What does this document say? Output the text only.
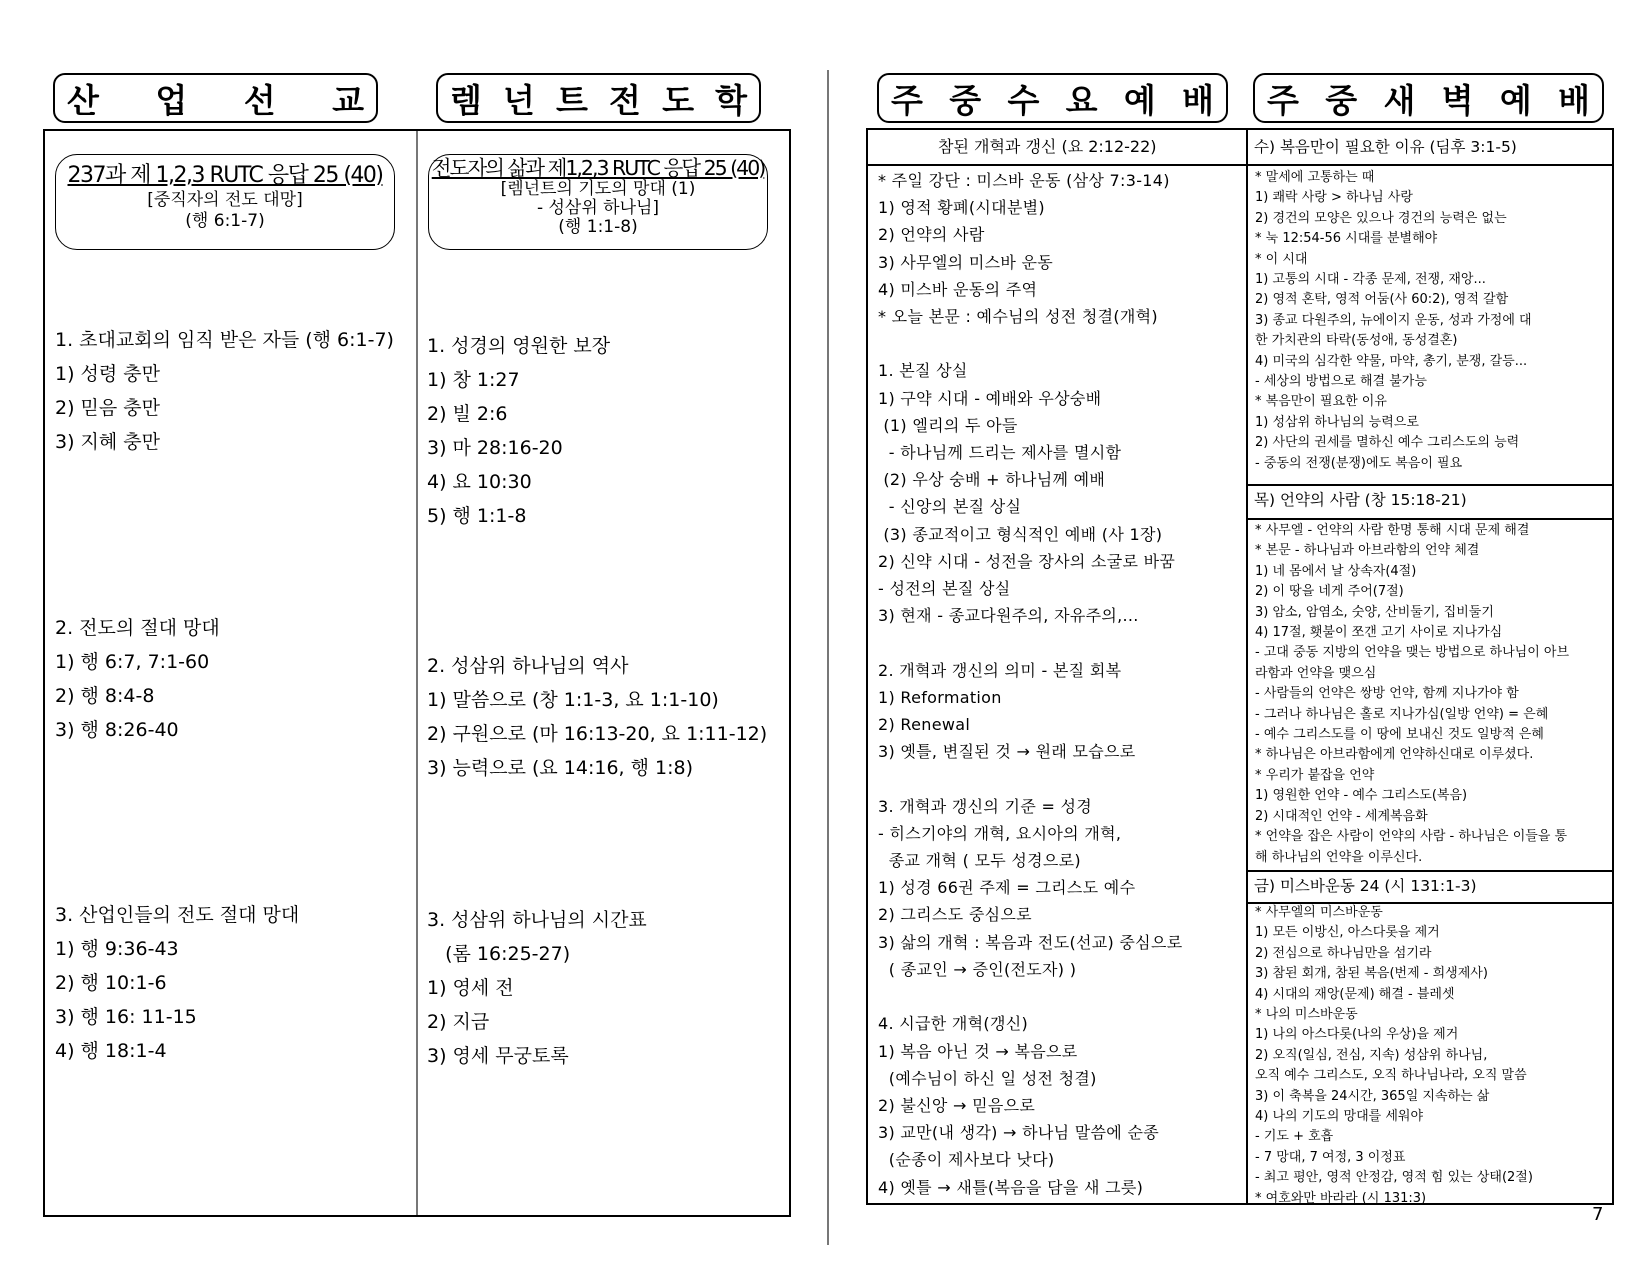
산 업 선 교	렘 넌 트 전 도 학
237과 제 1,2,3 RUTC 응답 25 (40)
[중직자의 전도 대망]
(행 6:1-7)
1. 초대교회의 임직 받은 자들 (행 6:1-7)
1) 성령 충만
2) 믿음 충만
3) 지혜 충만
2. 전도의 절대 망대
1) 행 6:7, 7:1-60
2) 행 8:4-8
3) 행 8:26-40
3. 산업인들의 전도 절대 망대
1) 행 9:36-43
2) 행 10:1-6
3) 행 16: 11-15
4) 행 18:1-4
전도자의 삶과 제1,2,3 RUTC 응답 25 (40)
[렘넌트의 기도의 망대 (1)
- 성삼위 하나님]
(행 1:1-8)
1. 성경의 영원한 보장
1) 창 1:27
2) 빌 2:6
3) 마 28:16-20
4) 요 10:30
5) 행 1:1-8
2. 성삼위 하나님의 역사
1) 말씀으로 (창 1:1-3, 요 1:1-10)
2) 구원으로 (마 16:13-20, 요 1:11-12)
3) 능력으로 (요 14:16, 행 1:8)
3. 성삼위 하나님의 시간표
(롬 16:25-27)
1) 영세 전
2) 지금
3) 영세 무궁토록
주 중 수 요 예 배 주 중 새 벽 예 배
참된 개혁과 갱신 (요 2:12-22)
* 주일 강단 : 미스바 운동 (삼상 7:3-14)
1) 영적 황폐(시대분별)
2) 언약의 사람
3) 사무엘의 미스바 운동
4) 미스바 운동의 주역
* 오늘 본문 : 예수님의 성전 청결(개혁)

1. 본질 상실
1) 구약 시대 - 예배와 우상숭배
(1) 엘리의 두 아들
- 하나님께 드리는 제사를 멸시함
(2) 우상 숭배 + 하나님께 예배
- 신앙의 본질 상실
(3) 종교적이고 형식적인 예배 (사 1장)
2) 신약 시대 - 성전을 장사의 소굴로 바꿈
- 성전의 본질 상실
3) 현재 - 종교다원주의, 자유주의,...

2. 개혁과 갱신의 의미 - 본질 회복
1) Reformation
2) Renewal
3) 옛틀, 변질된 것 → 원래 모습으로

3. 개혁과 갱신의 기준 = 성경
- 히스기야의 개혁, 요시아의 개혁,
종교 개혁 ( 모두 성경으로)
1) 성경 66권 주제 = 그리스도 예수
2) 그리스도 중심으로
3) 삶의 개혁 : 복음과 전도(선교) 중심으로
( 종교인 → 증인(전도자) )

4. 시급한 개혁(갱신)
1) 복음 아닌 것 → 복음으로
(예수님이 하신 일 성전 청결)
2) 불신앙 → 믿음으로
3) 교만(내 생각) → 하나님 말씀에 순종
(순종이 제사보다 낫다)
4) 옛틀 → 새틀(복음을 담을 새 그릇)
수) 복음만이 필요한 이유 (딤후 3:1-5)
* 말세에 고통하는 때
1) 쾌락 사랑 > 하나님 사랑
2) 경건의 모양은 있으나 경건의 능력은 없는
* 눅 12:54-56 시대를 분별해야
* 이 시대
1) 고통의 시대 - 각종 문제, 전쟁, 재앙...
2) 영적 혼탁, 영적 어둠(사 60:2), 영적 갈함
3) 종교 다원주의, 뉴에이지 운동, 성과 가정에 대
한 가치관의 타락(동성애, 동성결혼)
4) 미국의 심각한 약물, 마약, 총기, 분쟁, 갈등...
- 세상의 방법으로 해결 불가능
* 복음만이 필요한 이유
1) 성삼위 하나님의 능력으로
2) 사단의 권세를 멸하신 예수 그리스도의 능력
- 중동의 전쟁(분쟁)에도 복음이 필요
목) 언약의 사람 (창 15:18-21)
* 사무엘 - 언약의 사람 한명 통해 시대 문제 해결
* 본문 - 하나님과 아브라함의 언약 체결
1) 네 몸에서 날 상속자(4절)
2) 이 땅을 네게 주어(7절)
3) 암소, 암염소, 숫양, 산비둘기, 집비둘기
4) 17절, 횃불이 쪼갠 고기 사이로 지나가심
- 고대 중동 지방의 언약을 맺는 방법으로 하나님이 아브
라함과 언약을 맺으심
- 사람들의 언약은 쌍방 언약, 함께 지나가야 함
- 그러나 하나님은 홀로 지나가심(일방 언약) = 은혜
- 예수 그리스도를 이 땅에 보내신 것도 일방적 은혜
* 하나님은 아브라함에게 언약하신대로 이루셨다.
* 우리가 붙잡을 언약
1) 영원한 언약 - 예수 그리스도(복음)
2) 시대적인 언약 - 세계복음화
* 언약을 잡은 사람이 언약의 사람 - 하나님은 이들을 통
해 하나님의 언약을 이루신다.
금) 미스바운동 24 (시 131:1-3)
* 사무엘의 미스바운동
1) 모든 이방신, 아스다롯을 제거
2) 전심으로 하나님만을 섬기라
3) 참된 회개, 참된 복음(번제 - 희생제사)
4) 시대의 재앙(문제) 해결 - 블레셋
* 나의 미스바운동
1) 나의 아스다롯(나의 우상)을 제거
2) 오직(일심, 전심, 지속) 성삼위 하나님,
오직 예수 그리스도, 오직 하나님나라, 오직 말씀
3) 이 축복을 24시간, 365일 지속하는 삶
4) 나의 기도의 망대를 세워야
- 기도 + 호흡
- 7 망대, 7 여정, 3 이정표
- 최고 평안, 영적 안정감, 영적 힘 있는 상태(2절)
* 여호와만 바라라 (시 131:3)
7
